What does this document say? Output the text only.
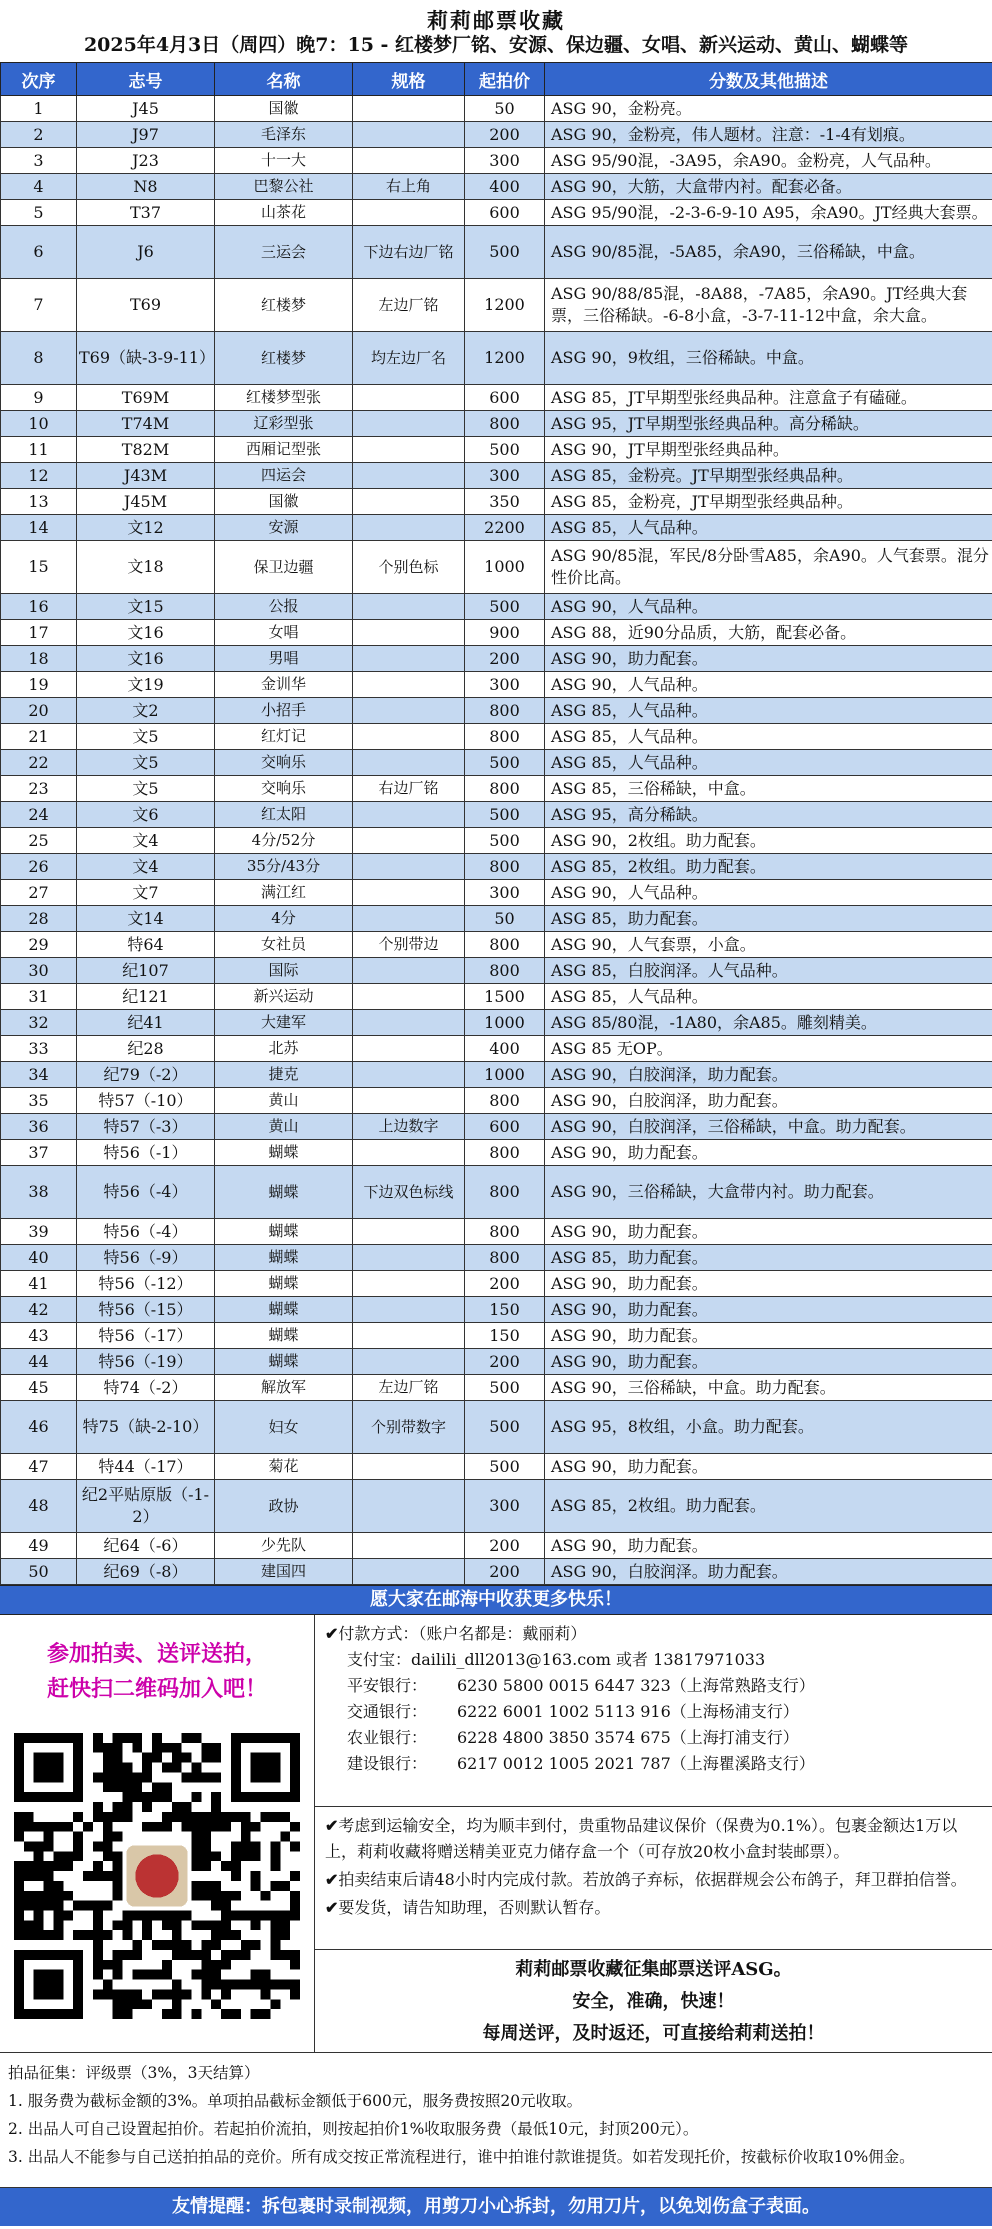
莉莉邮票收藏
2025年4月3日（周四）晚7：15 - 红楼梦厂铭、安源、保边疆、女唱、新兴运动、黄山、蝴蝶等
次序	志号	名称	规格	起拍价	分数及其他描述
1	J45	国徽		50	ASG 90，金粉亮。
2	J97	毛泽东		200	ASG 90，金粉亮，伟人题材。注意：-1-4有划痕。
3	J23	十一大		300	ASG 95/90混，-3A95，余A90。金粉亮，人气品种。
4	N8	巴黎公社	右上角	400	ASG 90，大筋，大盒带内衬。配套必备。
5	T37	山茶花		600	ASG 95/90混，-2-3-6-9-10 A95，余A90。JT经典大套票。
6	J6	三运会	下边右边厂铭	500	ASG 90/85混，-5A85，余A90，三俗稀缺，中盒。
7	T69	红楼梦	左边厂铭	1200	ASG 90/88/85混，-8A88，-7A85，余A90。JT经典大套票，三俗稀缺。-6-8小盒，-3-7-11-12中盒，余大盒。
8	T69（缺-3-9-11）	红楼梦	均左边厂名	1200	ASG 90，9枚组，三俗稀缺。中盒。
9	T69M	红楼梦型张		600	ASG 85，JT早期型张经典品种。注意盒子有磕碰。
10	T74M	辽彩型张		800	ASG 95，JT早期型张经典品种。高分稀缺。
11	T82M	西厢记型张		500	ASG 90，JT早期型张经典品种。
12	J43M	四运会		300	ASG 85，金粉亮。JT早期型张经典品种。
13	J45M	国徽		350	ASG 85，金粉亮，JT早期型张经典品种。
14	文12	安源		2200	ASG 85，人气品种。
15	文18	保卫边疆	个别色标	1000	ASG 90/85混，军民/8分卧雪A85，余A90。人气套票。混分性价比高。
16	文15	公报		500	ASG 90，人气品种。
17	文16	女唱		900	ASG 88，近90分品质，大筋，配套必备。
18	文16	男唱		200	ASG 90，助力配套。
19	文19	金训华		300	ASG 90，人气品种。
20	文2	小招手		800	ASG 85，人气品种。
21	文5	红灯记		800	ASG 85，人气品种。
22	文5	交响乐		500	ASG 85，人气品种。
23	文5	交响乐	右边厂铭	800	ASG 85，三俗稀缺，中盒。
24	文6	红太阳		500	ASG 95，高分稀缺。
25	文4	4分/52分		500	ASG 90，2枚组。助力配套。
26	文4	35分/43分		800	ASG 85，2枚组。助力配套。
27	文7	满江红		300	ASG 90，人气品种。
28	文14	4分		50	ASG 85，助力配套。
29	特64	女社员	个别带边	800	ASG 90，人气套票，小盒。
30	纪107	国际		800	ASG 85，白胶润泽。人气品种。
31	纪121	新兴运动		1500	ASG 85，人气品种。
32	纪41	大建军		1000	ASG 85/80混，-1A80，余A85。雕刻精美。
33	纪28	北苏		400	ASG 85 无OP。
34	纪79（-2）	捷克		1000	ASG 90，白胶润泽，助力配套。
35	特57（-10）	黄山		800	ASG 90，白胶润泽，助力配套。
36	特57（-3）	黄山	上边数字	600	ASG 90，白胶润泽，三俗稀缺，中盒。助力配套。
37	特56（-1）	蝴蝶		800	ASG 90，助力配套。
38	特56（-4）	蝴蝶	下边双色标线	800	ASG 90，三俗稀缺，大盒带内衬。助力配套。
39	特56（-4）	蝴蝶		800	ASG 90，助力配套。
40	特56（-9）	蝴蝶		800	ASG 85，助力配套。
41	特56（-12）	蝴蝶		200	ASG 90，助力配套。
42	特56（-15）	蝴蝶		150	ASG 90，助力配套。
43	特56（-17）	蝴蝶		150	ASG 90，助力配套。
44	特56（-19）	蝴蝶		200	ASG 90，助力配套。
45	特74（-2）	解放军	左边厂铭	500	ASG 90，三俗稀缺，中盒。助力配套。
46	特75（缺-2-10）	妇女	个别带数字	500	ASG 95，8枚组，小盒。助力配套。
47	特44（-17）	菊花		500	ASG 90，助力配套。
48	纪2平贴原版（-1-2）	政协		300	ASG 85，2枚组。助力配套。
49	纪64（-6）	少先队		200	ASG 90，助力配套。
50	纪69（-8）	建国四		200	ASG 90，白胶润泽。助力配套。
愿大家在邮海中收获更多快乐！
参加拍卖、送评送拍，
赶快扫二维码加入吧！
✔付款方式：（账户名都是：戴丽莉）
支付宝： dailili_dll2013@163.com 或者 13817971033
平安银行：	6230 5800 0015 6447 323（上海常熟路支行）
交通银行：	6222 6001 1002 5113 916（上海杨浦支行）
农业银行：	6228 4800 3850 3574 675（上海打浦支行）
建设银行：	6217 0012 1005 2021 787（上海瞿溪路支行）
✔考虑到运输安全，均为顺丰到付，贵重物品建议保价（保费为0.1%）。包裹金额达1万以上，莉莉收藏将赠送精美亚克力储存盒一个（可存放20枚小盒封装邮票）。
✔拍卖结束后请48小时内完成付款。若放鸽子弃标，依据群规会公布鸽子，拜卫群拍信誉。
✔要发货，请告知助理，否则默认暂存。
莉莉邮票收藏征集邮票送评ASG。
安全，准确，快速！
每周送评，及时返还，可直接给莉莉送拍！
拍品征集：评级票（3%，3天结算）
1. 服务费为截标金额的3%。单项拍品截标金额低于600元，服务费按照20元收取。
2. 出品人可自己设置起拍价。若起拍价流拍，则按起拍价1%收取服务费（最低10元，封顶200元）。
3. 出品人不能参与自己送拍拍品的竞价。所有成交按正常流程进行，谁中拍谁付款谁提货。如若发现托价，按截标价收取10%佣金。
友情提醒：拆包裹时录制视频，用剪刀小心拆封，勿用刀片，以免划伤盒子表面。
